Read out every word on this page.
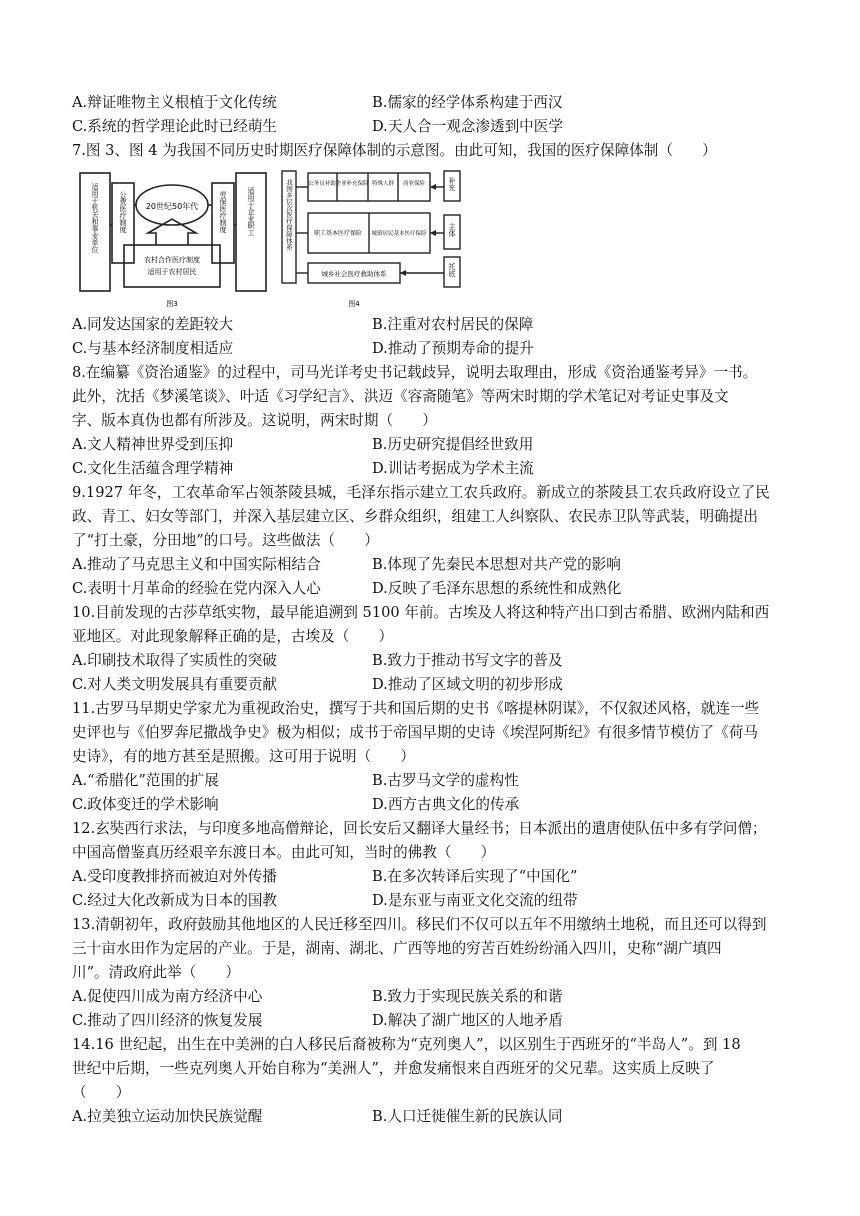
A.辩证唯物主义根植于文化传统	B.儒家的经学体系构建于西汉
C.系统的哲学理论此时已经萌生	D.天人合一观念渗透到中医学
7.图 3、图 4 为我国不同历史时期医疗保障体制的示意图。由此可知，我国的医疗保障体制（　　）
20世纪50年代
农村合作医疗制度
适用于农村居民
公费医疗制度
适用于机关和事业单位	劳保医疗制度	适用于企业职工
图3
我国多层次医疗保障体系	公务员补助 企业补充保险 特殊人群 商业保险
职工基本医疗保险 城镇居民基本医疗保险
城乡社会医疗救助体系
补充
主体
托底
图4
A.同发达国家的差距较大	B.注重对农村居民的保障
C.与基本经济制度相适应	D.推动了预期寿命的提升
8.在编纂《资治通鉴》的过程中，司马光详考史书记载歧异，说明去取理由，形成《资治通鉴考异》一书。
此外，沈括《梦溪笔谈》、叶适《习学纪言》、洪迈《容斋随笔》等两宋时期的学术笔记对考证史事及文
字、版本真伪也都有所涉及。这说明，两宋时期（　　）
A.文人精神世界受到压抑	B.历史研究提倡经世致用
C.文化生活蕴含理学精神	D.训诂考据成为学术主流
9.1927 年冬，工农革命军占领茶陵县城，毛泽东指示建立工农兵政府。新成立的茶陵县工农兵政府设立了民
政、青工、妇女等部门，并深入基层建立区、乡群众组织，组建工人纠察队、农民赤卫队等武装，明确提出
了“打土豪，分田地”的口号。这些做法（　　）
A.推动了马克思主义和中国实际相结合	B.体现了先秦民本思想对共产党的影响
C.表明十月革命的经验在党内深入人心	D.反映了毛泽东思想的系统性和成熟化
10.目前发现的古莎草纸实物，最早能追溯到 5100 年前。古埃及人将这种特产出口到古希腊、欧洲内陆和西
亚地区。对此现象解释正确的是，古埃及（　　）
A.印刷技术取得了实质性的突破	B.致力于推动书写文字的普及
C.对人类文明发展具有重要贡献	D.推动了区域文明的初步形成
11.古罗马早期史学家尤为重视政治史，撰写于共和国后期的史书《喀提林阴谋》，不仅叙述风格，就连一些
史评也与《伯罗奔尼撒战争史》极为相似；成书于帝国早期的史诗《埃涅阿斯纪》有很多情节模仿了《荷马
史诗》，有的地方甚至是照搬。这可用于说明（　　）
A.“希腊化”范围的扩展	B.古罗马文学的虚构性
C.政体变迁的学术影响	D.西方古典文化的传承
12.玄奘西行求法，与印度多地高僧辩论，回长安后又翻译大量经书；日本派出的遣唐使队伍中多有学问僧；
中国高僧鉴真历经艰辛东渡日本。由此可知，当时的佛教（　　）
A.受印度教排挤而被迫对外传播	B.在多次转译后实现了“中国化”
C.经过大化改新成为日本的国教	D.是东亚与南亚文化交流的纽带
13.清朝初年，政府鼓励其他地区的人民迁移至四川。移民们不仅可以五年不用缴纳土地税，而且还可以得到
三十亩水田作为定居的产业。于是，湖南、湖北、广西等地的穷苦百姓纷纷涌入四川，史称“湖广填四
川”。清政府此举（　　）
A.促使四川成为南方经济中心	B.致力于实现民族关系的和谐
C.推动了四川经济的恢复发展	D.解决了湖广地区的人地矛盾
14.16 世纪起，出生在中美洲的白人移民后裔被称为“克列奥人”，以区别生于西班牙的“半岛人”。到 18
世纪中后期，一些克列奥人开始自称为“美洲人”，并愈发痛恨来自西班牙的父兄辈。这实质上反映了
（　　）
A.拉美独立运动加快民族觉醒	B.人口迁徙催生新的民族认同
